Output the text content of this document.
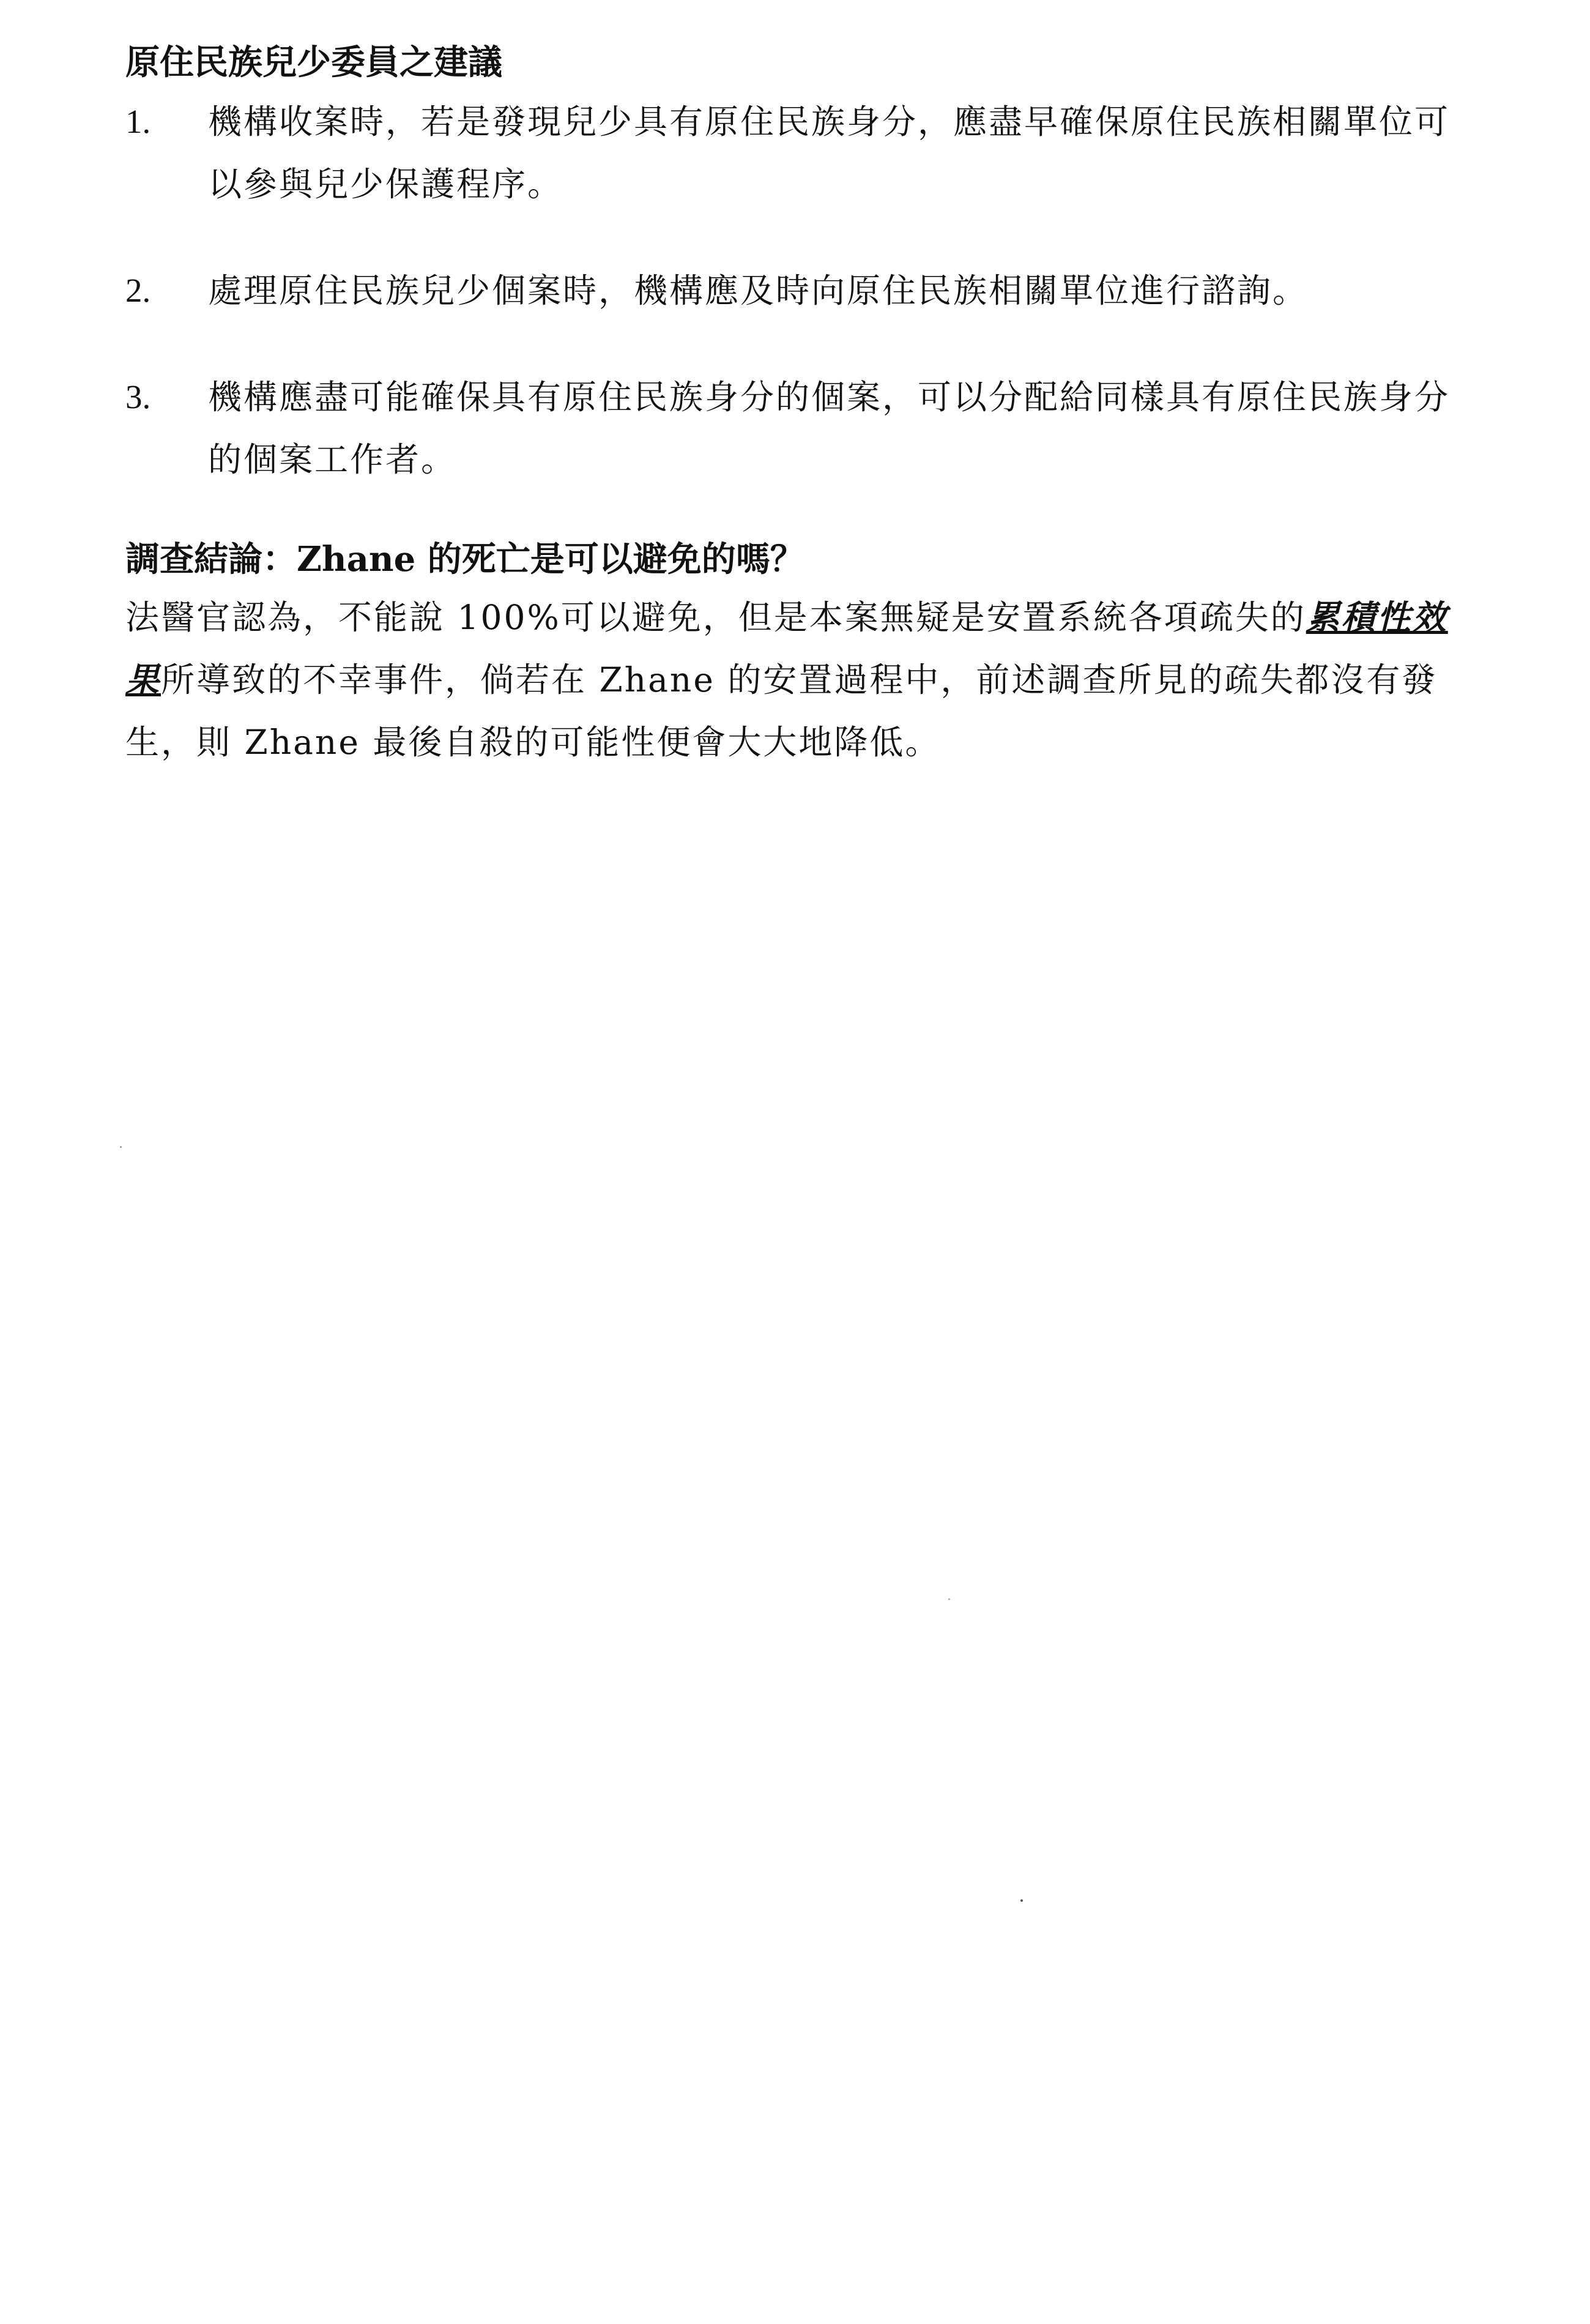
原住民族兒少委員之建議
1. 機構收案時，若是發現兒少具有原住民族身分，應盡早確保原住民族相關單位可以參與兒少保護程序。
2. 處理原住民族兒少個案時，機構應及時向原住民族相關單位進行諮詢。
3. 機構應盡可能確保具有原住民族身分的個案，可以分配給同樣具有原住民族身分的個案工作者。
調查結論：Zhane 的死亡是可以避免的嗎？

法醫官認為，不能說 100%可以避免，但是本案無疑是安置系統各項疏失的累積性效果所導致的不幸事件，倘若在 Zhane 的安置過程中，前述調查所見的疏失都沒有發生，則 Zhane 最後自殺的可能性便會大大地降低。
